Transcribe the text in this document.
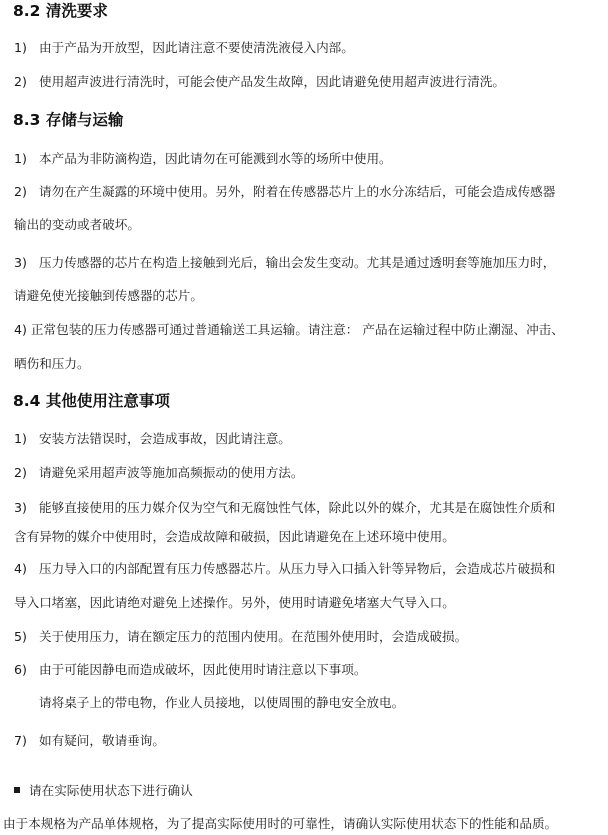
8.2 清洗要求
1) 由于产品为开放型，因此请注意不要使清洗液侵入内部。
2) 使用超声波进行清洗时，可能会使产品发生故障，因此请避免使用超声波进行清洗。
8.3 存储与运输
1) 本产品为非防滴构造，因此请勿在可能溅到水等的场所中使用。
2) 请勿在产生凝露的环境中使用。另外，附着在传感器芯片上的水分冻结后，可能会造成传感器
输出的变动或者破坏。
3) 压力传感器的芯片在构造上接触到光后，输出会发生变动。尤其是通过透明套等施加压力时，
请避免使光接触到传感器的芯片。
4) 正常包装的压力传感器可通过普通输送工具运输。请注意： 产品在运输过程中防止潮湿、冲击、
晒伤和压力。
8.4 其他使用注意事项
1) 安装方法错误时，会造成事故，因此请注意。
2) 请避免采用超声波等施加高频振动的使用方法。
3) 能够直接使用的压力媒介仅为空气和无腐蚀性气体，除此以外的媒介，尤其是在腐蚀性介质和
含有异物的媒介中使用时，会造成故障和破损，因此请避免在上述环境中使用。
4) 压力导入口的内部配置有压力传感器芯片。从压力导入口插入针等异物后，会造成芯片破损和
导入口堵塞，因此请绝对避免上述操作。另外，使用时请避免堵塞大气导入口。
5) 关于使用压力，请在额定压力的范围内使用。在范围外使用时，会造成破损。
6) 由于可能因静电而造成破坏，因此使用时请注意以下事项。
请将桌子上的带电物，作业人员接地，以使周围的静电安全放电。
7) 如有疑问，敬请垂询。
请在实际使用状态下进行确认
由于本规格为产品单体规格，为了提高实际使用时的可靠性，请确认实际使用状态下的性能和品质。
